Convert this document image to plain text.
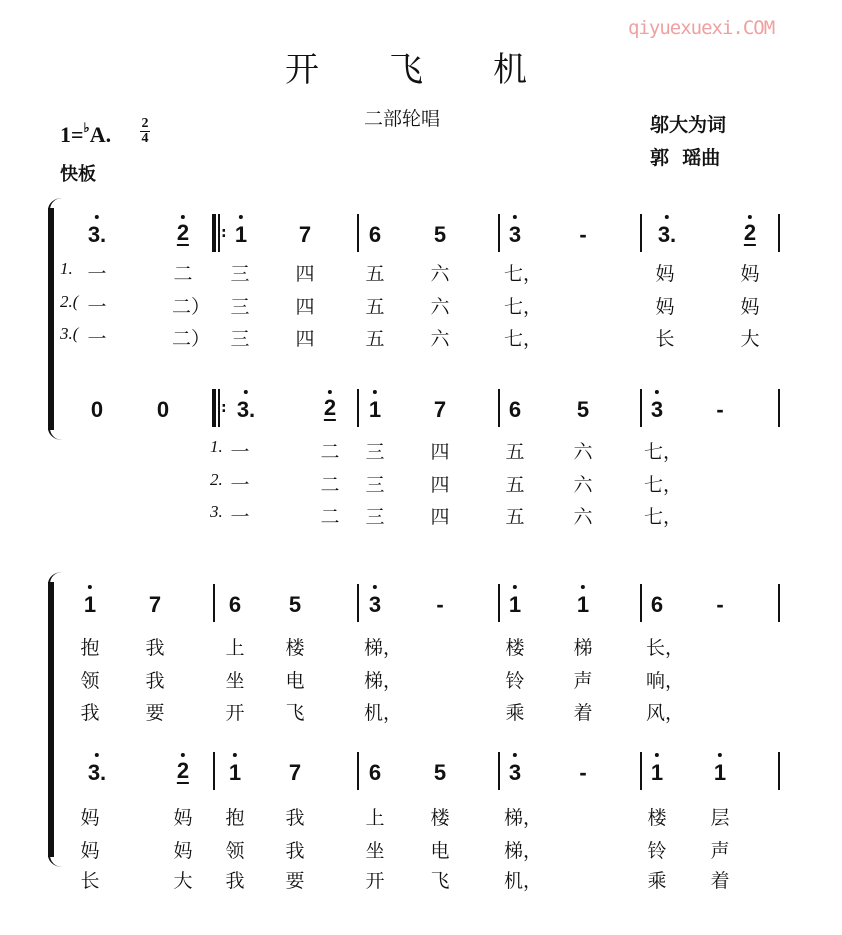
qiyuexuexi.COM
开 飞 机
二部轮唱	邬大为词
郭  瑶曲
1=♭A. 2
4
快板
3.	2 1 7	6 5	3	-	3.	2
:
1. 一	二 三 四	五 六	七，	妈	妈
2.( 一	二） 三 四	五 六	七，	妈	妈
3.( 一	二） 三 四	五 六	七，	长	大
0 0	3.	2 1 7	6	5	3 -
:
1. 一	二 三 四	五	六	七，
2. 一	二 三 四	五	六	七，
3. 一	二 三 四	五	六	七，
1 7	6 5	3	-	1	1	6 -
抱 我	上 楼	梯，	楼	梯	长，
领 我	坐 电	梯，	铃	声	响，
我 要	开 飞	机，	乘	着	风，
3.	2 1 7	6 5	3	-	1 1
妈	妈 抱 我	上 楼	梯，	楼 层
妈	妈 领 我	坐 电	梯，	铃 声
长	大 我 要	开 飞	机，	乘 着
